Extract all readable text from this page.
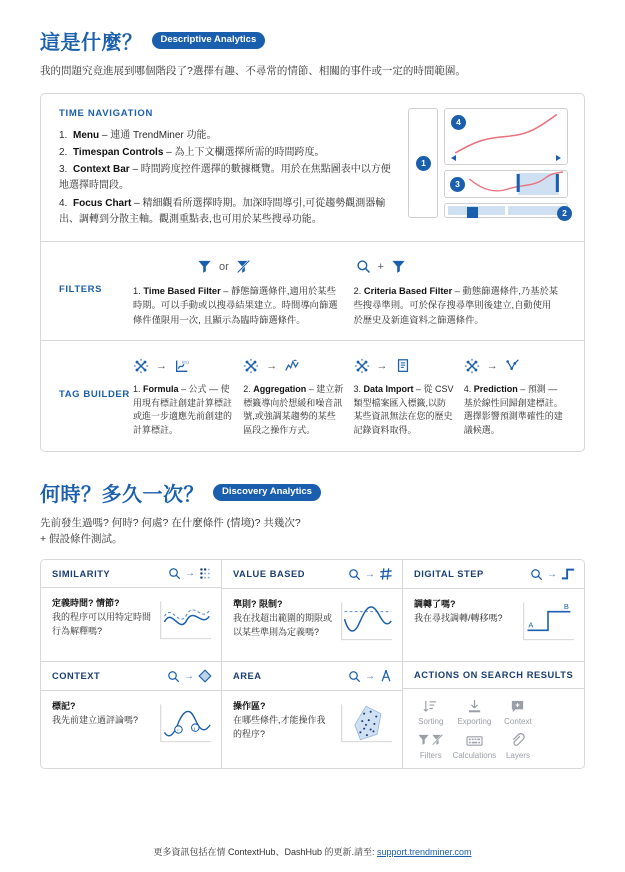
這是什麼？	Descriptive Analytics
我的問題究竟進展到哪個階段了?選擇有趣、不尋常的情節、相關的事件或一定的時間範圍。
TIME NAVIGATION
1. Menu – 連通 TrendMiner 功能。
2. Timespan Controls – 為上下文欄選擇所需的時間跨度。
3. Context Bar – 時間跨度控件選擇的數據概覽。用於在焦點圖表中以方便地選擇時間段。
4. Focus Chart – 精細觀看所選擇時期。加深時間導引,可從趨勢觀測器輸出、調轉到分散主軸。觀測重點表,也可用於某些搜尋功能。
1
4
3
2
FILTERS
or
1. Time Based Filter – 靜態篩選條件,適用於某些時期。可以手動或以搜尋結果建立。時間導向篩選條件僅限用一次, 且顯示為臨時篩選條件。
+
2. Criteria Based Filter – 動態篩選條件,乃基於某些搜尋準則。可於保存搜尋準則後建立,自動使用於歷史及新進資料之篩選條件。
TAG BUILDER
→	f(x)
1. Formula – 公式 — 使用現有標註創建計算標註或進一步適應先前創建的計算標註。
→
2. Aggregation – 建立新標籤導向於想緩和噪音訊號,或強調某趨勢的某些區段之操作方式。
→
3. Data Import – 從 CSV 類型檔案匯入標籤,以防某些資訊無法在您的歷史記錄資料取得。
→
4. Prediction – 預測 — 基於線性回歸創建標註。選擇影響預測準確性的建議候選。
何時？多久一次？	Discovery Analytics
先前發生過嗎? 何時? 何處? 在什麼條件 (情境)? 共幾次?
+ 假設條件測試。
SIMILARITY	→
定義時間? 情節?
我的程序可以用特定時間行為解釋嗎?
VALUE BASED	→
準則? 限制?
我在找超出範圍的期限或以某些準則為定義嗎?
DIGITAL STEP	→
調轉了嗎?
我在尋找調轉/轉移嗎?
A
B
CONTEXT	→
標記?
我先前建立過評論嗎?
! i
AREA	→
操作區?
在哪些條件,才能操作我的程序?
ACTIONS ON SEARCH RESULTS
Sorting	Exporting	Context
Filters	Calculations	Layers
更多資訊包括在情 ContextHub、DashHub 的更新.請至: support.trendminer.com
